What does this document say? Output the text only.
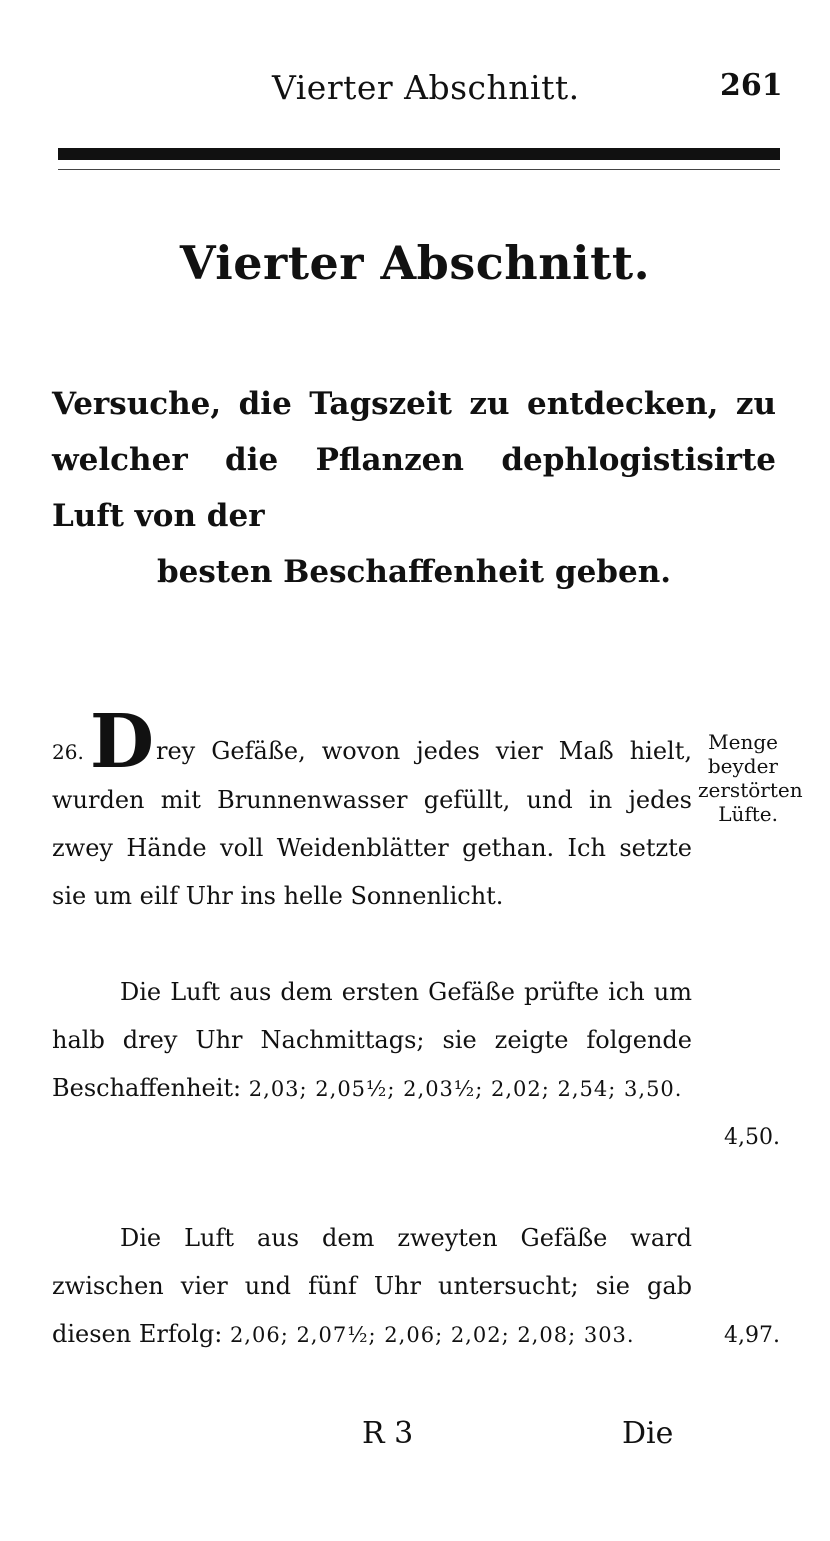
Vierter Abschnitt.	261
Vierter Abschnitt.
Versuche, die Tagszeit zu entdecken, zu welcher die Pflanzen dephlogistisirte Luft von der
besten Beschaffenheit geben.
26.Drey Gefäße, wovon jedes vier Maß hielt, wurden mit Brunnenwasser gefüllt, und in jedes zwey Hände voll Weidenblätter gethan. Ich setzte sie um eilf Uhr ins helle Sonnenlicht.
Menge beyder zerstörten Lüfte.
Die Luft aus dem ersten Gefäße prüfte ich um halb drey Uhr Nachmittags; sie zeigte folgende Beschaffenheit: 2,03; 2,05½; 2,03½; 2,02; 2,54; 3,50.
4,50.
Die Luft aus dem zweyten Gefäße ward zwischen vier und fünf Uhr untersucht; sie gab diesen Erfolg: 2,06; 2,07½; 2,06; 2,02; 2,08; 303.	4,97.
R 3	Die
